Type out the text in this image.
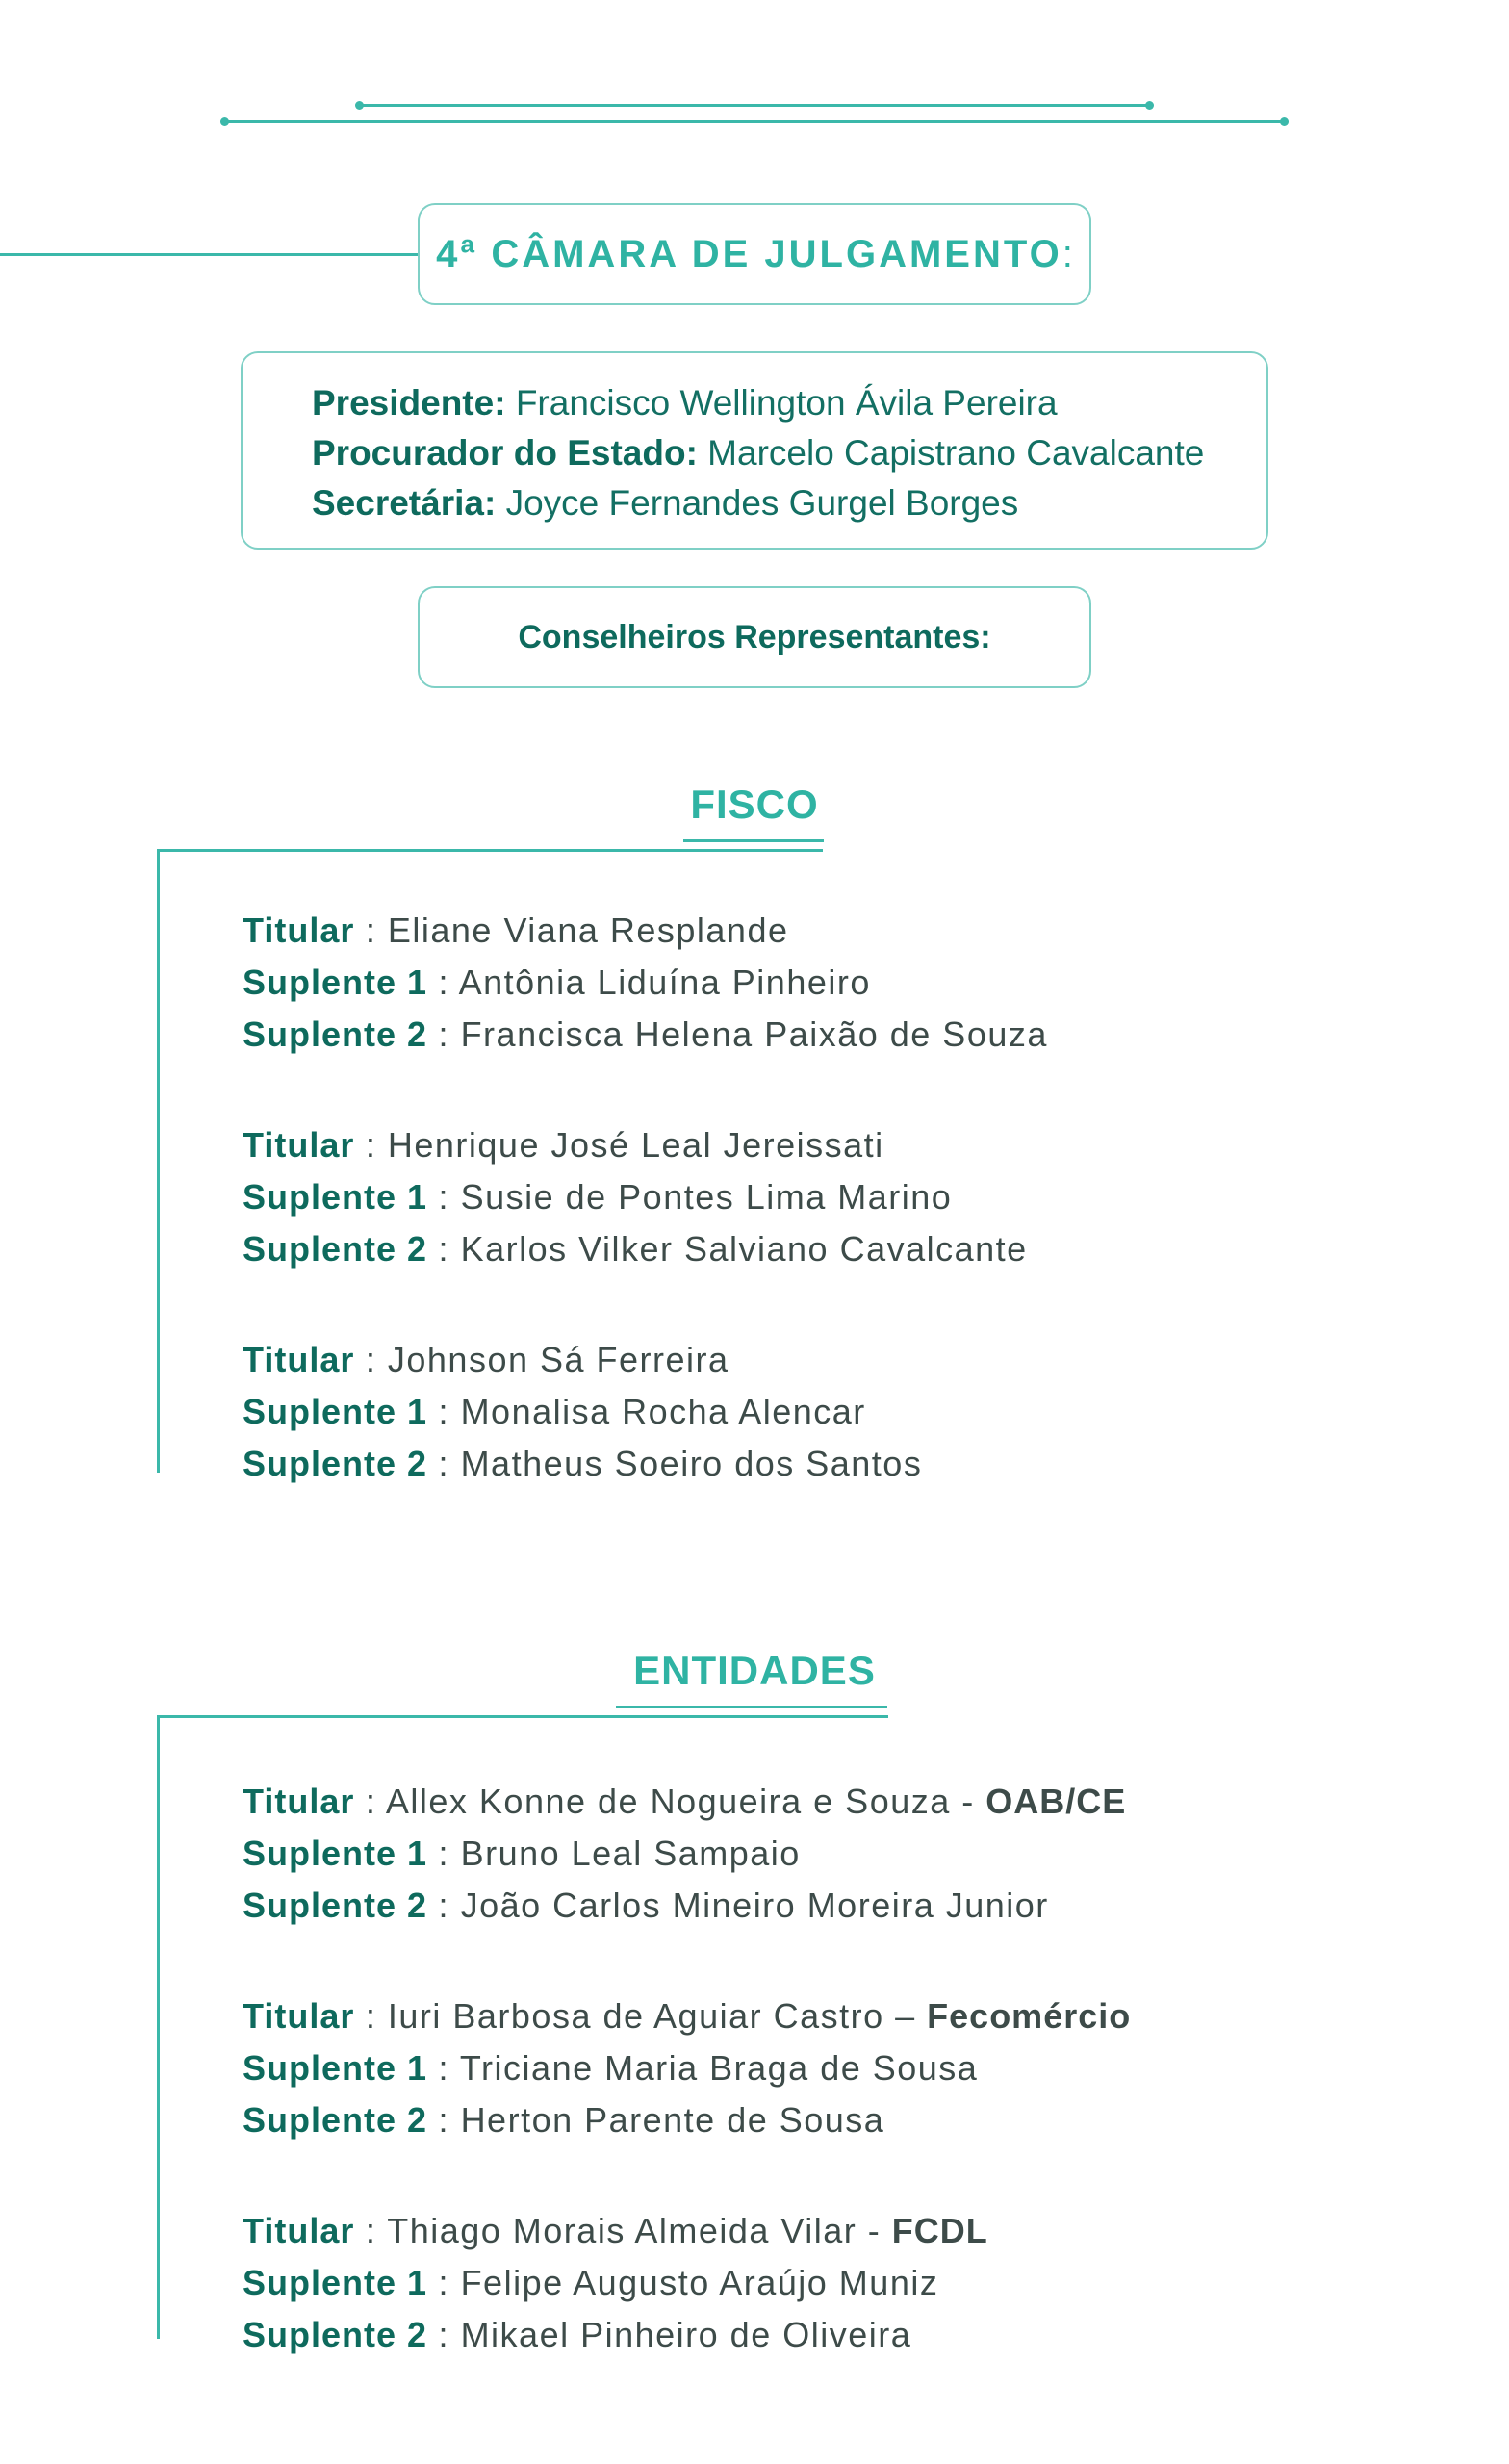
4ª CÂMARA DE JULGAMENTO :
Presidente: Francisco Wellington Ávila Pereira
Procurador do Estado: Marcelo Capistrano Cavalcante
Secretária: Joyce Fernandes Gurgel Borges
Conselheiros Representantes:
FISCO
Titular : Eliane Viana Resplande
Suplente 1 : Antônia Liduína Pinheiro
Suplente 2 : Francisca Helena Paixão de Souza
Titular : Henrique José Leal Jereissati
Suplente 1 : Susie de Pontes Lima Marino
Suplente 2 : Karlos Vilker Salviano Cavalcante
Titular : Johnson Sá Ferreira
Suplente 1 : Monalisa Rocha Alencar
Suplente 2 : Matheus Soeiro dos Santos
ENTIDADES
Titular : Allex Konne de Nogueira e Souza - OAB/CE
Suplente 1 : Bruno Leal Sampaio
Suplente 2 : João Carlos Mineiro Moreira Junior
Titular : Iuri Barbosa de Aguiar Castro – Fecomércio
Suplente 1 : Triciane Maria Braga de Sousa
Suplente 2 : Herton Parente de Sousa
Titular : Thiago Morais Almeida Vilar - FCDL
Suplente 1 : Felipe Augusto Araújo Muniz
Suplente 2 : Mikael Pinheiro de Oliveira
